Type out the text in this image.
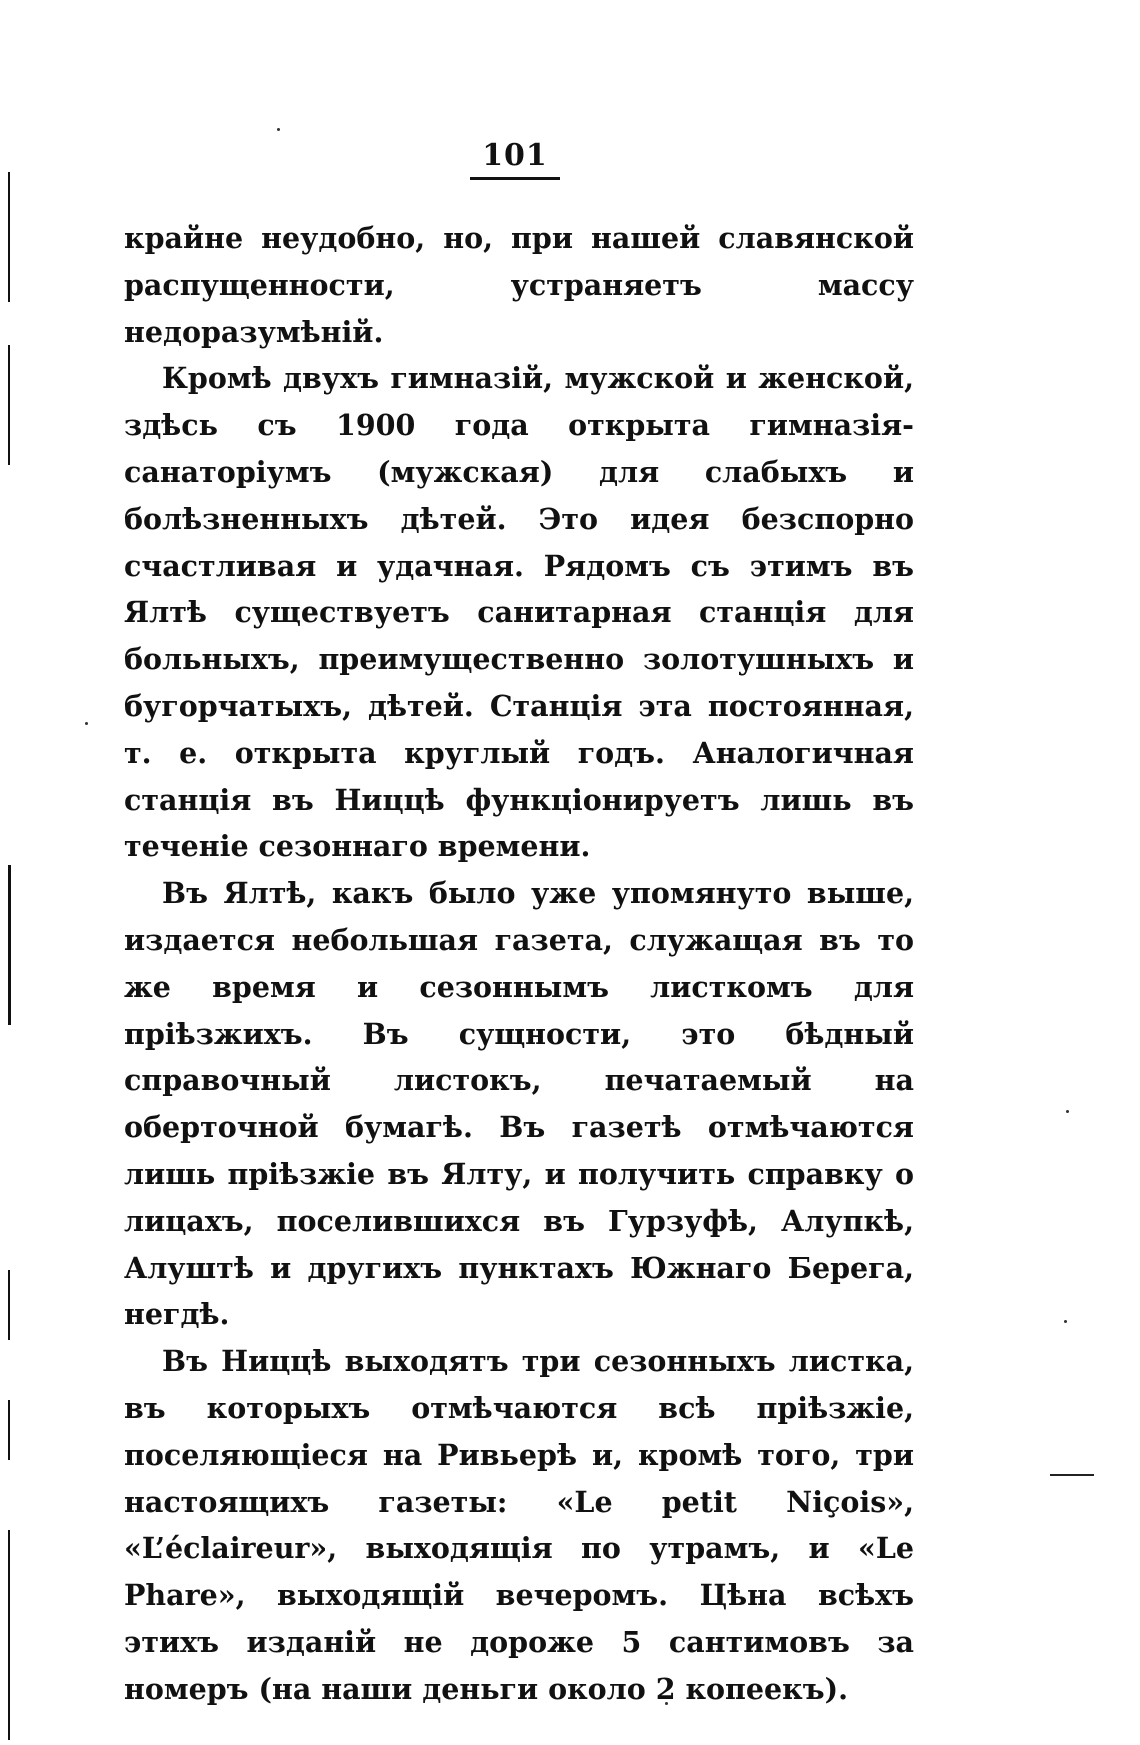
101

крайне неудобно, но, при нашей славянской распущенности, устраняетъ массу недоразумѣній.

Кромѣ двухъ гимназій, мужской и женской, здѣсь съ 1900 года открыта гимназія-санаторіумъ (мужская) для слабыхъ и болѣзненныхъ дѣтей. Это идея безспорно счастливая и удачная. Рядомъ съ этимъ въ Ялтѣ существуетъ санитарная станція для больныхъ, преимущественно золотушныхъ и бугорчатыхъ, дѣтей. Станція эта постоянная, т. е. открыта круглый годъ. Аналогичная станція въ Ниццѣ функціонируетъ лишь въ теченіе сезоннаго времени.

Въ Ялтѣ, какъ было уже упомянуто выше, издается небольшая газета, служащая въ то же время и сезоннымъ листкомъ для пріѣзжихъ. Въ сущности, это бѣдный справочный листокъ, печатаемый на оберточной бумагѣ. Въ газетѣ отмѣчаются лишь пріѣзжіе въ Ялту, и получить справку о лицахъ, поселившихся въ Гурзуфѣ, Алупкѣ, Алуштѣ и другихъ пунктахъ Южнаго Берега, негдѣ.

Въ Ниццѣ выходятъ три сезонныхъ листка, въ которыхъ отмѣчаются всѣ пріѣзжіе, поселяющіеся на Ривьерѣ и, кромѣ того, три настоящихъ газеты: «Le petit Niçois», «L’éclaireur», выходящія по утрамъ, и «Le Phare», выходящій вечеромъ. Цѣна всѣхъ этихъ изданій не дороже 5 сантимовъ за номеръ (на наши деньги около 2 копеекъ).
